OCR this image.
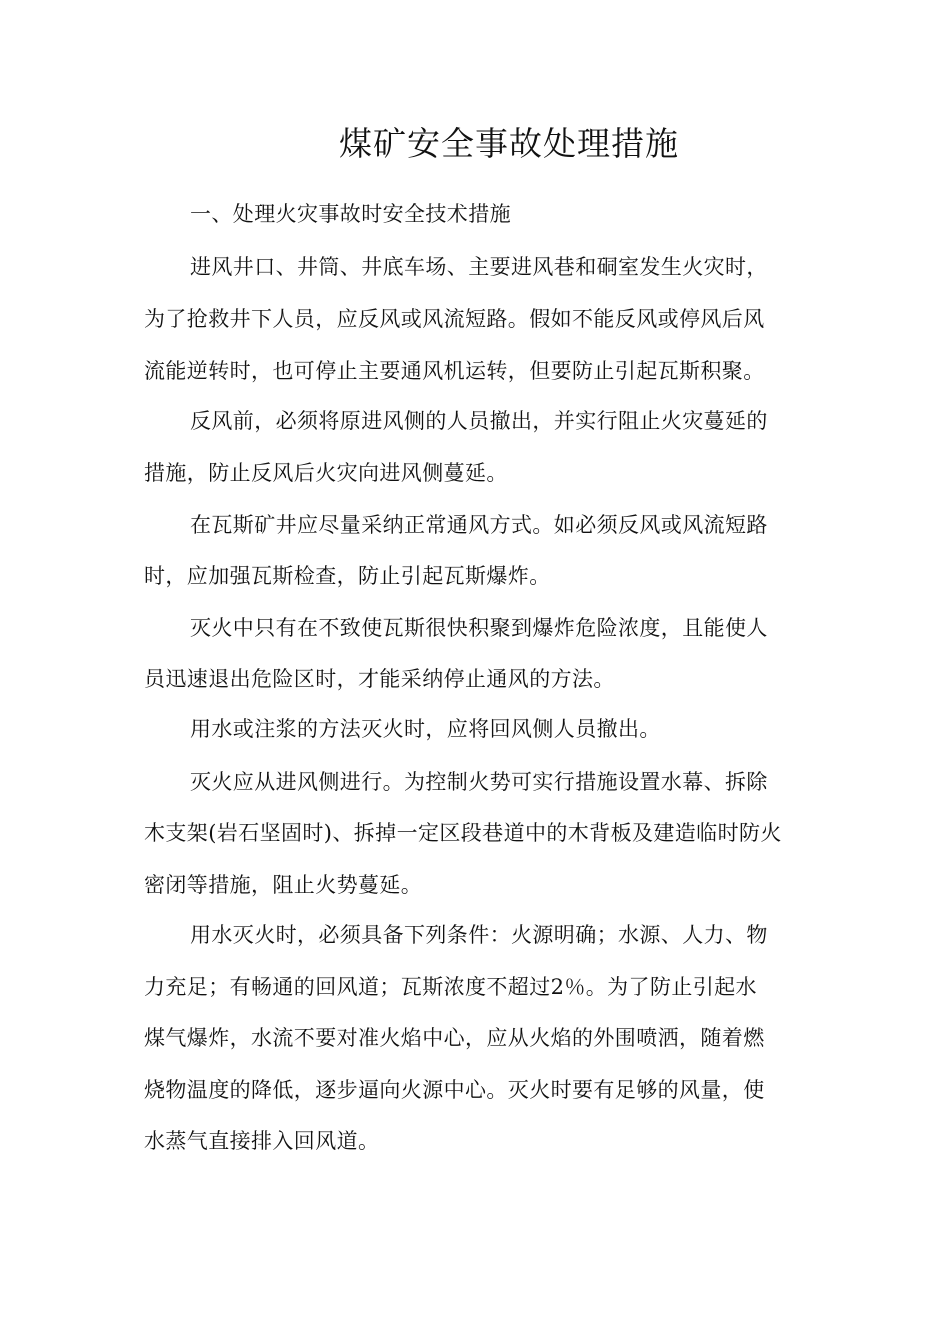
煤矿安全事故处理措施
一、处理火灾事故时安全技术措施
进风井口、井筒、井底车场、主要进风巷和硐室发生火灾时，
为了抢救井下人员，应反风或风流短路。假如不能反风或停风后风
流能逆转时，也可停止主要通风机运转，但要防止引起瓦斯积聚。
反风前，必须将原进风侧的人员撤出，并实行阻止火灾蔓延的
措施，防止反风后火灾向进风侧蔓延。
在瓦斯矿井应尽量采纳正常通风方式。如必须反风或风流短路
时，应加强瓦斯检查，防止引起瓦斯爆炸。
灭火中只有在不致使瓦斯很快积聚到爆炸危险浓度，且能使人
员迅速退出危险区时，才能采纳停止通风的方法。
用水或注浆的方法灭火时，应将回风侧人员撤出。
灭火应从进风侧进行。为控制火势可实行措施设置水幕、拆除
木支架(岩石坚固时)、拆掉一定区段巷道中的木背板及建造临时防火
密闭等措施，阻止火势蔓延。
用水灭火时，必须具备下列条件：火源明确；水源、人力、物
力充足；有畅通的回风道；瓦斯浓度不超过2％。为了防止引起水
煤气爆炸，水流不要对准火焰中心，应从火焰的外围喷洒，随着燃
烧物温度的降低，逐步逼向火源中心。灭火时要有足够的风量，使
水蒸气直接排入回风道。
